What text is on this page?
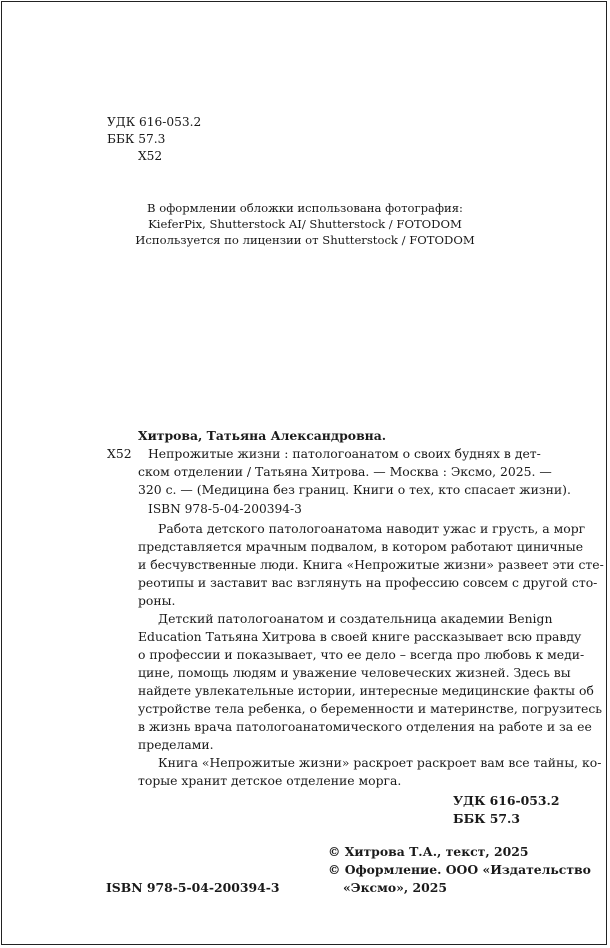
УДК 616-053.2
ББК 57.3
Х52
В оформлении обложки использована фотография:
KieferPix, Shutterstock AI/ Shutterstock / FOTODOM
Используется по лицензии от Shutterstock / FOTODOM
Хитрова, Татьяна Александровна.
Х52 Непрожитые жизни : патологоанатом о своих буднях в дет-
ском отделении / Татьяна Хитрова. — Москва : Эксмо, 2025. —
320 с. — (Медицина без границ. Книги о тех, кто спасает жизни).
ISBN 978-5-04-200394-3
Работа детского патологоанатома наводит ужас и грусть, а морг
представляется мрачным подвалом, в котором работают циничные
и бесчувственные люди. Книга «Непрожитые жизни» развеет эти сте-
реотипы и заставит вас взглянуть на профессию совсем с другой сто-
роны.
Детский патологоанатом и создательница академии Benign
Education Татьяна Хитрова в своей книге рассказывает всю правду
о профессии и показывает, что ее дело – всегда про любовь к меди-
цине, помощь людям и уважение человеческих жизней. Здесь вы
найдете увлекательные истории, интересные медицинские факты об
устройстве тела ребенка, о беременности и материнстве, погрузитесь
в жизнь врача патологоанатомического отделения на работе и за ее
пределами.
Книга «Непрожитые жизни» раскроет раскроет вам все тайны, ко-
торые хранит детское отделение морга.
УДК 616-053.2
ББК 57.3
© Хитрова Т.А., текст, 2025
© Оформление. ООО «Издательство
ISBN 978-5-04-200394-3	«Эксмо», 2025
